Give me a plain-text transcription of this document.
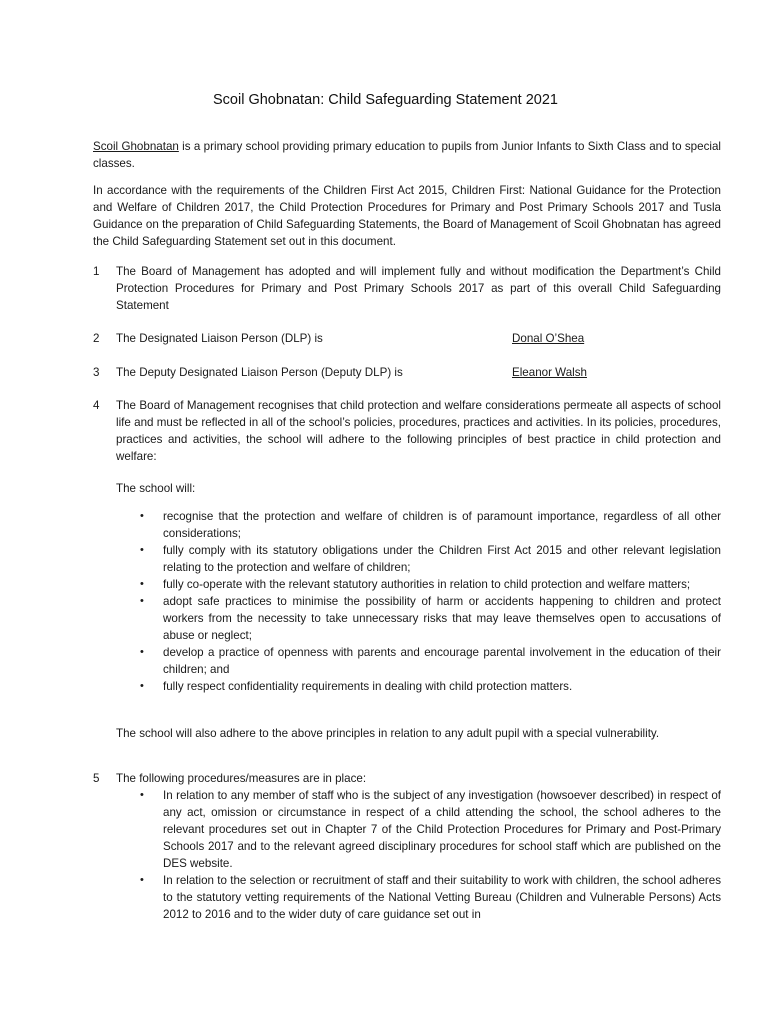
Scoil Ghobnatan: Child Safeguarding Statement 2021
Scoil Ghobnatan is a primary school providing primary education to pupils from Junior Infants to Sixth Class and to special classes.
In accordance with the requirements of the Children First Act 2015, Children First: National Guidance for the Protection and Welfare of Children 2017, the Child Protection Procedures for Primary and Post Primary Schools 2017 and Tusla Guidance on the preparation of Child Safeguarding Statements, the Board of Management of Scoil Ghobnatan has agreed the Child Safeguarding Statement set out in this document.
1	The Board of Management has adopted and will implement fully and without modification the Department’s Child Protection Procedures for Primary and Post Primary Schools 2017 as part of this overall Child Safeguarding Statement
2	The Designated Liaison Person (DLP) is	Donal O’Shea
3	The Deputy Designated Liaison Person (Deputy DLP) is	Eleanor Walsh
4	The Board of Management recognises that child protection and welfare considerations permeate all aspects of school life and must be reflected in all of the school’s policies, procedures, practices and activities. In its policies, procedures, practices and activities, the school will adhere to the following principles of best practice in child protection and welfare:
The school will:
• recognise that the protection and welfare of children is of paramount importance, regardless of all other considerations;
• fully comply with its statutory obligations under the Children First Act 2015 and other relevant legislation relating to the protection and welfare of children;
• fully co-operate with the relevant statutory authorities in relation to child protection and welfare matters;
• adopt safe practices to minimise the possibility of harm or accidents happening to children and protect workers from the necessity to take unnecessary risks that may leave themselves open to accusations of abuse or neglect;
• develop a practice of openness with parents and encourage parental involvement in the education of their children; and
• fully respect confidentiality requirements in dealing with child protection matters.
The school will also adhere to the above principles in relation to any adult pupil with a special vulnerability.
5	The following procedures/measures are in place:
• In relation to any member of staff who is the subject of any investigation (howsoever described) in respect of any act, omission or circumstance in respect of a child attending the school, the school adheres to the relevant procedures set out in Chapter 7 of the Child Protection Procedures for Primary and Post-Primary Schools 2017 and to the relevant agreed disciplinary procedures for school staff which are published on the DES website.
• In relation to the selection or recruitment of staff and their suitability to work with children, the school adheres to the statutory vetting requirements of the National Vetting Bureau (Children and Vulnerable Persons) Acts 2012 to 2016 and to the wider duty of care guidance set out in
